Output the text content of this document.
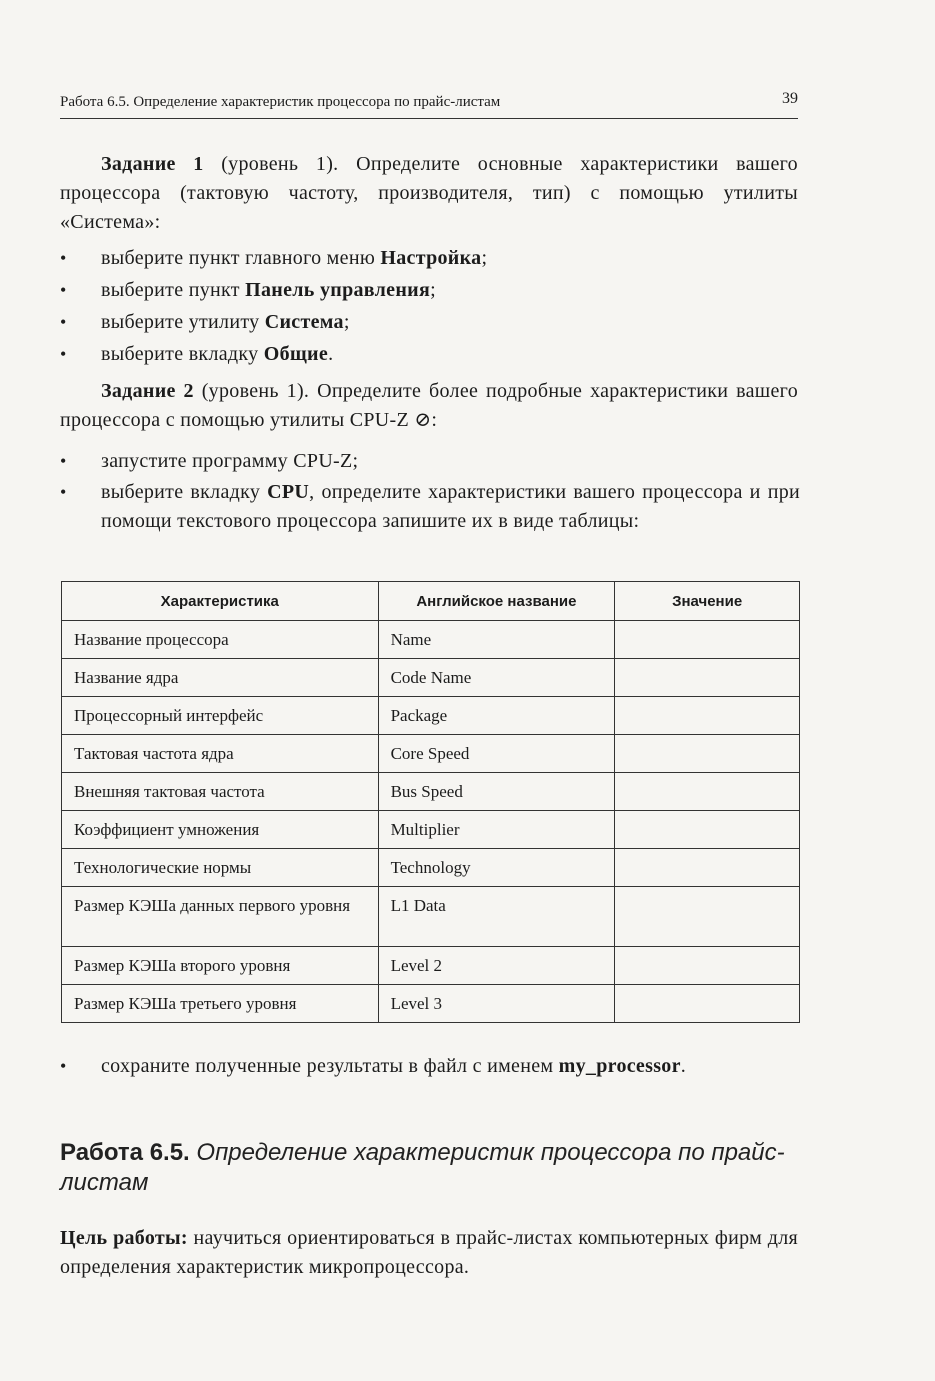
Работа 6.5. Определение характеристик процессора по прайс-листам	39
Задание 1 (уровень 1). Определите основные характеристики вашего процессора (тактовую частоту, производителя, тип) с помощью утилиты «Система»:
• выберите пункт главного меню Настройка;
• выберите пункт Панель управления;
• выберите утилиту Система;
• выберите вкладку Общие.
Задание 2 (уровень 1). Определите более подробные характеристики вашего процессора с помощью утилиты CPU-Z ⊘:
• запустите программу CPU-Z;
• выберите вкладку CPU, определите характеристики вашего процессора и при помощи текстового процессора запишите их в виде таблицы:
Характеристика	Английское название	Значение
Название процессора	Name	
Название ядра	Code Name	
Процессорный интерфейс	Package	
Тактовая частота ядра	Core Speed	
Внешняя тактовая частота	Bus Speed	
Коэффициент умножения	Multiplier	
Технологические нормы	Technology	
Размер КЭШа данных первого уровня	L1 Data	
Размер КЭШа второго уровня	Level 2	
Размер КЭШа третьего уровня	Level 3	
• сохраните полученные результаты в файл с именем my_processor.
Работа 6.5. Определение характеристик процессора по прайс-листам
Цель работы: научиться ориентироваться в прайс-листах компьютерных фирм для определения характеристик микропроцессора.
